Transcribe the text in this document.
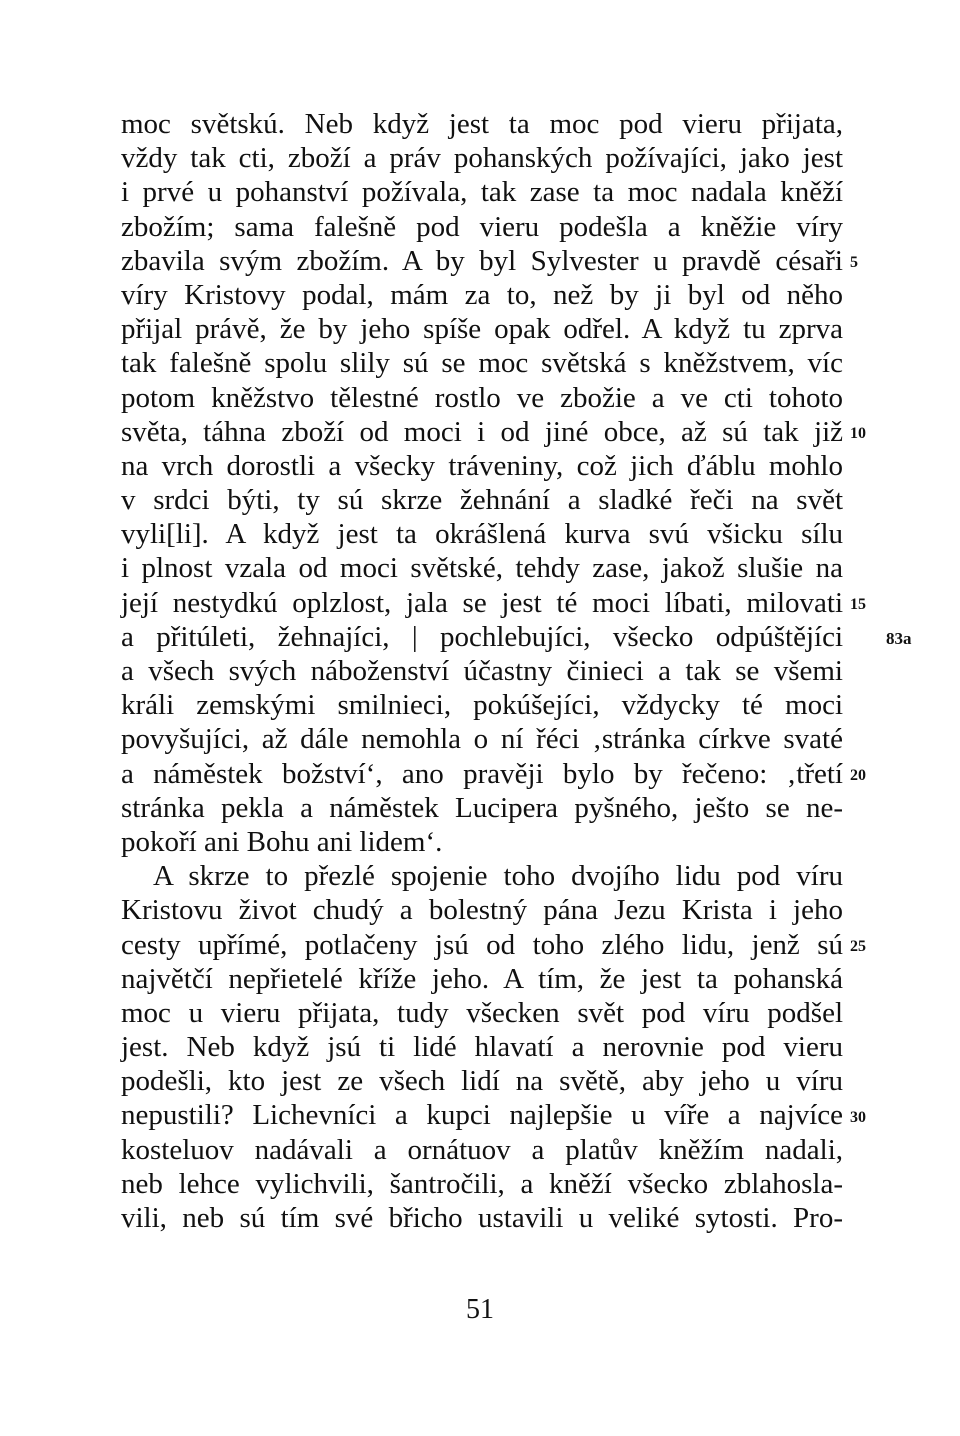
moc světskú. Neb když jest ta moc pod vieru přijata,
vždy tak cti, zboží a práv pohanských požívajíci, jako jest
i prvé u pohanství požívala, tak zase ta moc nadala kněží
zbožím; sama falešně pod vieru podešla a kněžie víry
zbavila svým zbožím. A by byl Sylvester u pravdě césaři
víry Kristovy podal, mám za to, než by ji byl od něho
přijal právě, že by jeho spíše opak odřel. A když tu zprva
tak falešně spolu slily sú se moc světská s kněžstvem, víc
potom kněžstvo tělestné rostlo ve zbožie a ve cti tohoto
světa, táhna zboží od moci i od jiné obce, až sú tak již
na vrch dorostli a všecky tráveniny, což jich ďáblu mohlo
v srdci býti, ty sú skrze žehnání a sladké řeči na svět
vyli[li]. A když jest ta okrášlená kurva svú všicku sílu
i plnost vzala od moci světské, tehdy zase, jakož slušie na
její nestydkú oplzlost, jala se jest té moci líbati, milovati
a přitúleti, žehnajíci, | pochlebujíci, všecko odpúštějíci
a všech svých náboženství účastny činieci a tak se všemi
králi zemskými smilnieci, pokúšejíci, vždycky té moci
povyšujíci, až dále nemohla o ní řéci ‚stránka církve svaté
a náměstek božství‘, ano pravěji bylo by řečeno: ‚třetí
stránka pekla a náměstek Lucipera pyšného, ješto se ne-
pokoří ani Bohu ani lidem‘.
A skrze to přezlé spojenie toho dvojího lidu pod víru
Kristovu život chudý a bolestný pána Jezu Krista i jeho
cesty upřímé, potlačeny jsú od toho zlého lidu, jenž sú
najvětčí nepřietelé kříže jeho. A tím, že jest ta pohanská
moc u vieru přijata, tudy všecken svět pod víru podšel
jest. Neb když jsú ti lidé hlavatí a nerovnie pod vieru
podešli, kto jest ze všech lidí na světě, aby jeho u víru
nepustili? Lichevníci a kupci najlepšie u víře a najvíce
kosteluov nadávali a ornátuov a platův kněžím nadali,
neb lehce vylichvili, šantročili, a kněží všecko zblahosla-
vili, neb sú tím své břicho ustavili u veliké sytosti. Pro-
5
10
15
83a
20
25
30
51
